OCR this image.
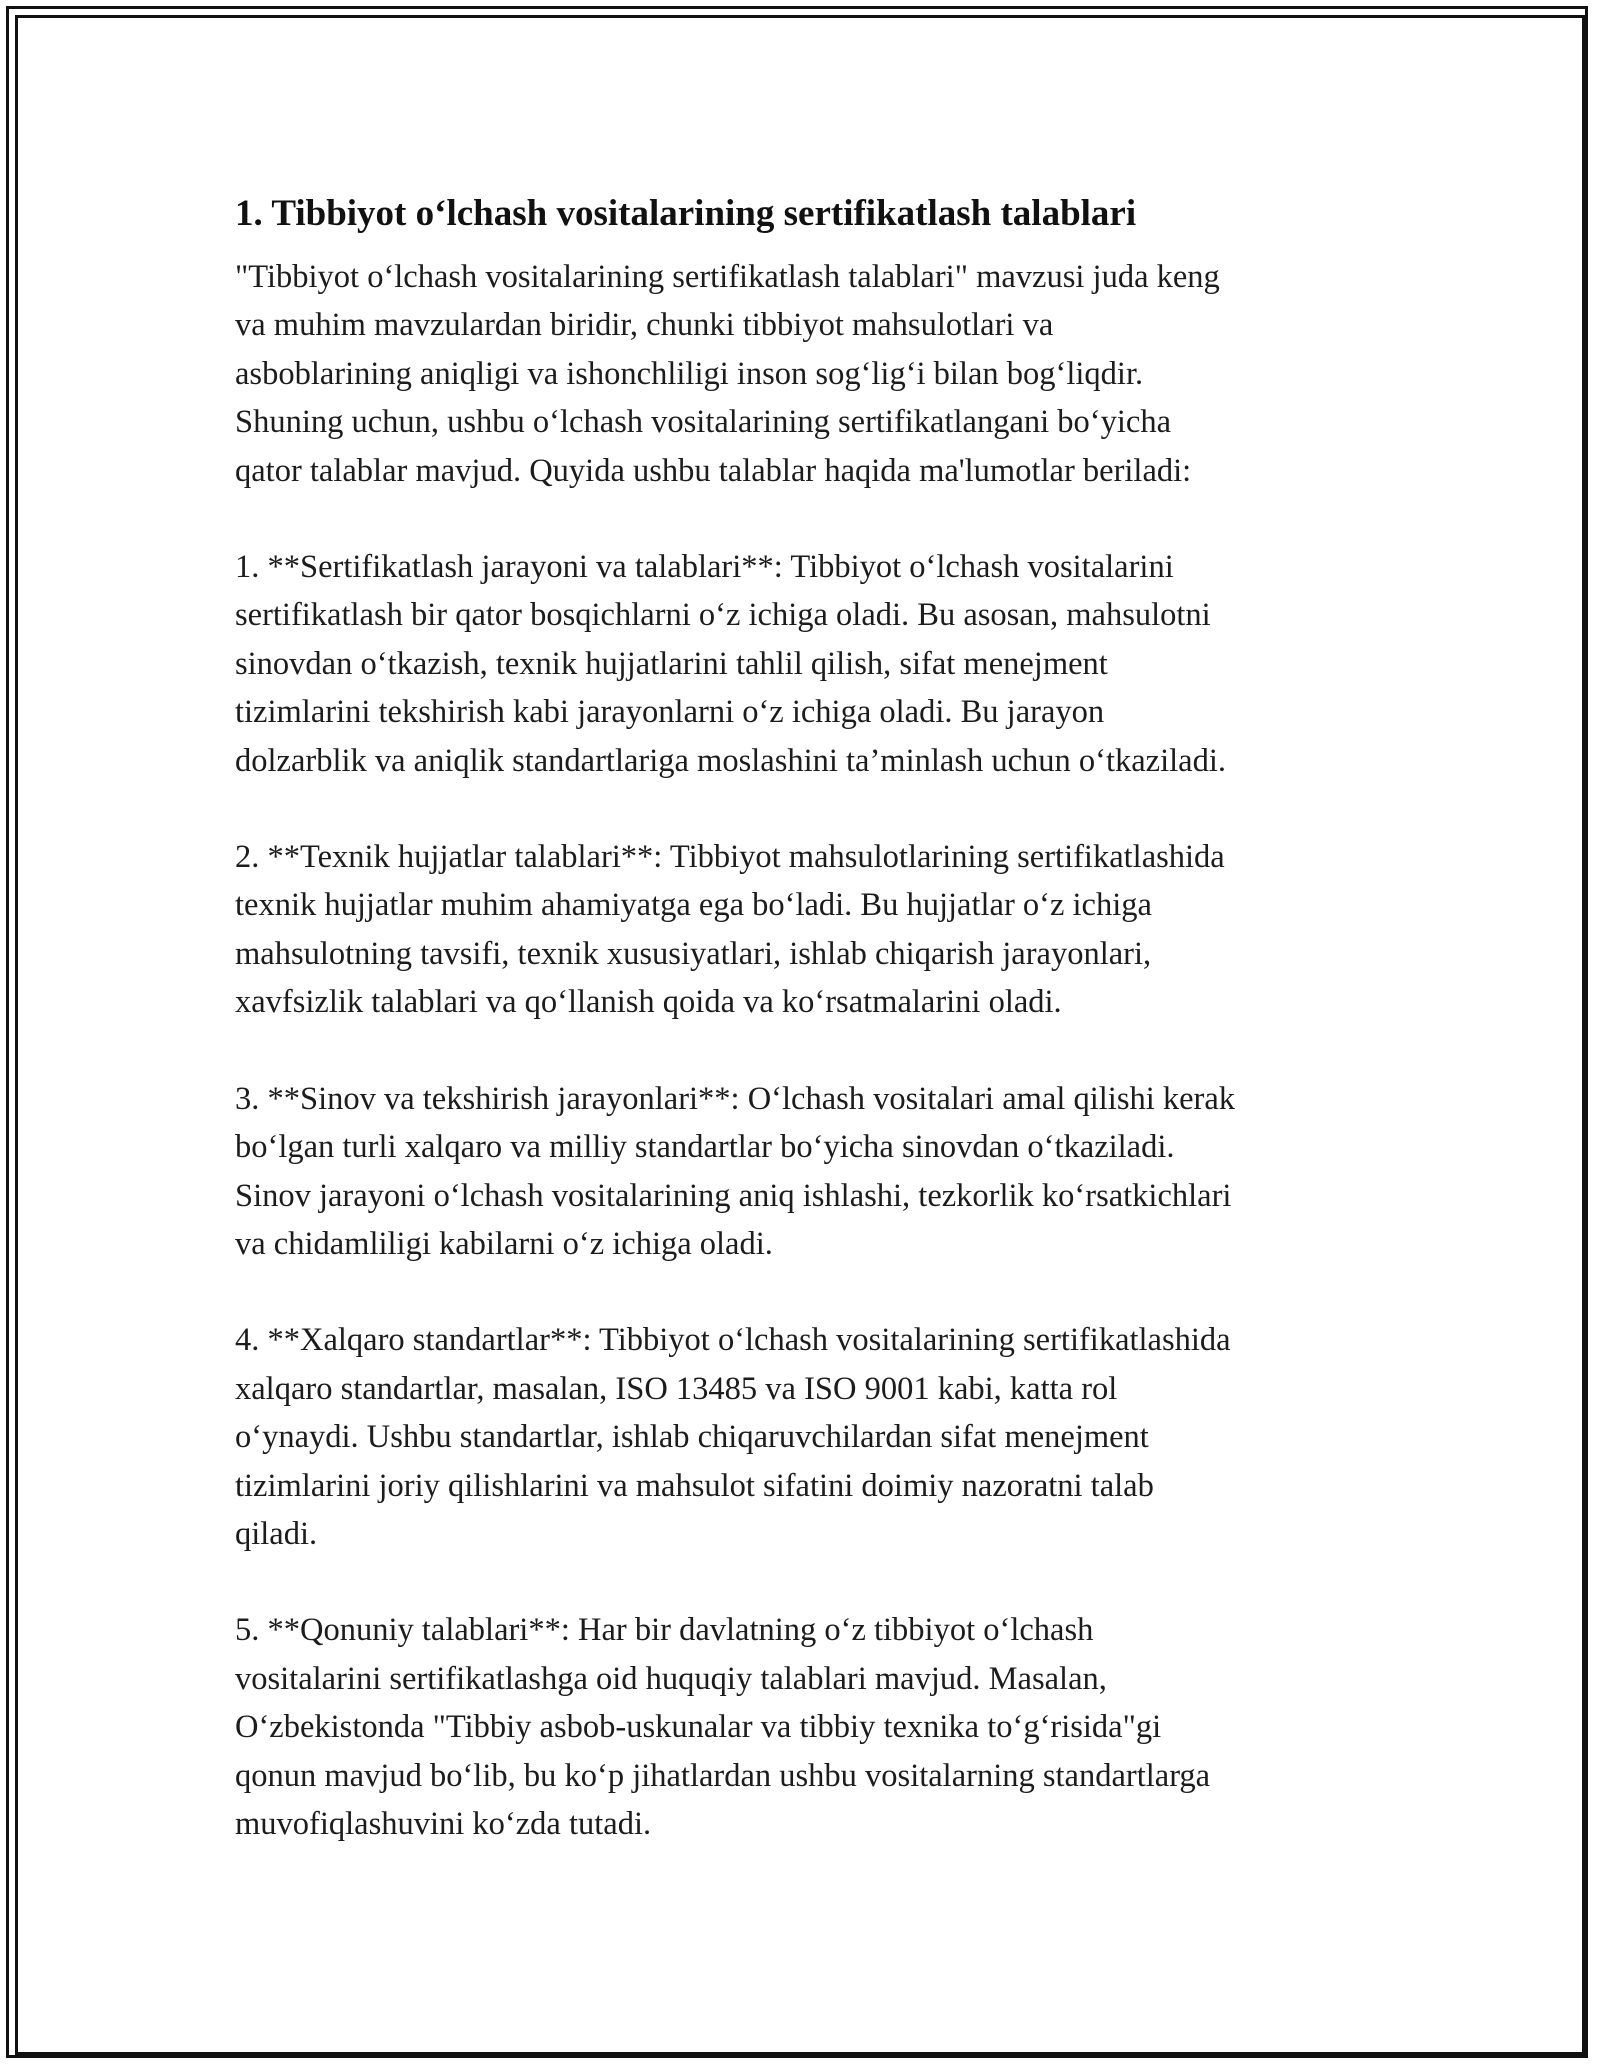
1. Tibbiyot o‘lchash vositalarining sertifikatlash talablari

"Tibbiyot o‘lchash vositalarining sertifikatlash talablari" mavzusi juda keng
va muhim mavzulardan biridir, chunki tibbiyot mahsulotlari va
asboblarining aniqligi va ishonchliligi inson sog‘lig‘i bilan bog‘liqdir.
Shuning uchun, ushbu o‘lchash vositalarining sertifikatlangani bo‘yicha
qator talablar mavjud. Quyida ushbu talablar haqida ma'lumotlar beriladi:

1. **Sertifikatlash jarayoni va talablari**: Tibbiyot o‘lchash vositalarini
sertifikatlash bir qator bosqichlarni o‘z ichiga oladi. Bu asosan, mahsulotni
sinovdan o‘tkazish, texnik hujjatlarini tahlil qilish, sifat menejment
tizimlarini tekshirish kabi jarayonlarni o‘z ichiga oladi. Bu jarayon
dolzarblik va aniqlik standartlariga moslashini ta’minlash uchun o‘tkaziladi.

2. **Texnik hujjatlar talablari**: Tibbiyot mahsulotlarining sertifikatlashida
texnik hujjatlar muhim ahamiyatga ega bo‘ladi. Bu hujjatlar o‘z ichiga
mahsulotning tavsifi, texnik xususiyatlari, ishlab chiqarish jarayonlari,
xavfsizlik talablari va qo‘llanish qoida va ko‘rsatmalarini oladi.

3. **Sinov va tekshirish jarayonlari**: O‘lchash vositalari amal qilishi kerak
bo‘lgan turli xalqaro va milliy standartlar bo‘yicha sinovdan o‘tkaziladi.
Sinov jarayoni o‘lchash vositalarining aniq ishlashi, tezkorlik ko‘rsatkichlari
va chidamliligi kabilarni o‘z ichiga oladi.

4. **Xalqaro standartlar**: Tibbiyot o‘lchash vositalarining sertifikatlashida
xalqaro standartlar, masalan, ISO 13485 va ISO 9001 kabi, katta rol
o‘ynaydi. Ushbu standartlar, ishlab chiqaruvchilardan sifat menejment
tizimlarini joriy qilishlarini va mahsulot sifatini doimiy nazoratni talab
qiladi.

5. **Qonuniy talablari**: Har bir davlatning o‘z tibbiyot o‘lchash
vositalarini sertifikatlashga oid huquqiy talablari mavjud. Masalan,
O‘zbekistonda "Tibbiy asbob-uskunalar va tibbiy texnika to‘g‘risida"gi
qonun mavjud bo‘lib, bu ko‘p jihatlardan ushbu vositalarning standartlarga
muvofiqlashuvini ko‘zda tutadi.
